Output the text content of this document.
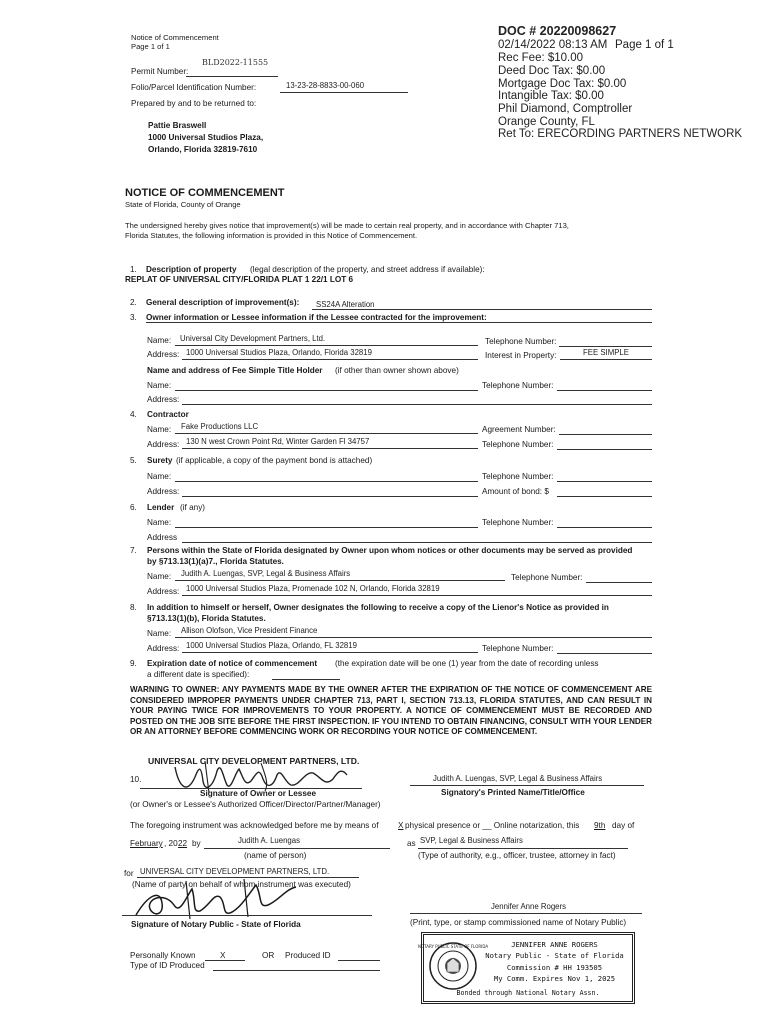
Notice of Commencement
Page 1 of 1
BLD2022-11555
Permit Number:
Folio/Parcel Identification Number:	13-23-28-8833-00-060
Prepared by and to be returned to:
Pattie Braswell
1000 Universal Studios Plaza,
Orlando, Florida 32819-7610
DOC # 20220098627
02/14/2022 08:13 AM Page 1 of 1
Rec Fee: $10.00
Deed Doc Tax: $0.00
Mortgage Doc Tax: $0.00
Intangible Tax: $0.00
Phil Diamond, Comptroller
Orange County, FL
Ret To: ERECORDING PARTNERS NETWORK
NOTICE OF COMMENCEMENT
State of Florida, County of Orange
The undersigned hereby gives notice that improvement(s) will be made to certain real property, and in accordance with Chapter 713,
Florida Statutes, the following information is provided in this Notice of Commencement.
1. Description of property (legal description of the property, and street address if available):
REPLAT OF UNIVERSAL CITY/FLORIDA PLAT 1 22/1 LOT 6
2. General description of improvement(s): SS24A Alteration
3. Owner information or Lessee information if the Lessee contracted for the improvement:
Name: Universal City Development Partners, Ltd.	Telephone Number:
Address: 1000 Universal Studios Plaza, Orlando, Florida 32819	Interest in Property:	FEE SIMPLE
Name and address of Fee Simple Title Holder (if other than owner shown above)
Name:	Telephone Number:
Address:
4. Contractor
Name: Fake Productions LLC	Agreement Number:
Address: 130 N west Crown Point Rd, Winter Garden Fl 34757	Telephone Number:
5. Surety (if applicable, a copy of the payment bond is attached)
Name:	Telephone Number:
Address:	Amount of bond: $
6. Lender (if any)
Name:	Telephone Number:
Address
7. Persons within the State of Florida designated by Owner upon whom notices or other documents may be served as provided
by §713.13(1)(a)7., Florida Statutes.
Name: Judith A. Luengas, SVP, Legal & Business Affairs	Telephone Number:
Address: 1000 Universal Studios Plaza, Promenade 102 N, Orlando, Florida 32819
8. In addition to himself or herself, Owner designates the following to receive a copy of the Lienor's Notice as provided in
§713.13(1)(b), Florida Statutes.
Name: Allison Olofson, Vice President Finance
Address: 1000 Universal Studios Plaza, Orlando, FL 32819	Telephone Number:
9. Expiration date of notice of commencement (the expiration date will be one (1) year from the date of recording unless
a different date is specified):
WARNING TO OWNER: ANY PAYMENTS MADE BY THE OWNER AFTER THE EXPIRATION OF THE NOTICE OF COMMENCEMENT ARE CONSIDERED IMPROPER PAYMENTS UNDER CHAPTER 713, PART I, SECTION 713.13, FLORIDA STATUTES, AND CAN RESULT IN YOUR PAYING TWICE FOR IMPROVEMENTS TO YOUR PROPERTY. A NOTICE OF COMMENCEMENT MUST BE RECORDED AND POSTED ON THE JOB SITE BEFORE THE FIRST INSPECTION. IF YOU INTEND TO OBTAIN FINANCING, CONSULT WITH YOUR LENDER OR AN ATTORNEY BEFORE COMMENCING WORK OR RECORDING YOUR NOTICE OF COMMENCEMENT.
UNIVERSAL CITY DEVELOPMENT PARTNERS, LTD.
10.
Signature of Owner or Lessee
(or Owner's or Lessee's Authorized Officer/Director/Partner/Manager)
Judith A. Luengas, SVP, Legal & Business Affairs
Signatory's Printed Name/Title/Office
The foregoing instrument was acknowledged before me by means of X physical presence or __ Online notarization, this 9th day of
February , 20 22 by	Judith A. Luengas	as SVP, Legal & Business Affairs
(name of person)	(Type of authority, e.g., officer, trustee, attorney in fact)
for UNIVERSAL CITY DEVELOPMENT PARTNERS, LTD.
(Name of party on behalf of whom instrument was executed)
Signature of Notary Public - State of Florida
Jennifer Anne Rogers
(Print, type, or stamp commissioned name of Notary Public)
Personally Known	X	OR Produced ID
Type of ID Produced
NOTARY PUBLIC STATE OF FLORIDA	JENNIFER ANNE ROGERS
Notary Public - State of Florida
Commission # HH 193505
My Comm. Expires Nov 1, 2025
Bonded through National Notary Assn.
